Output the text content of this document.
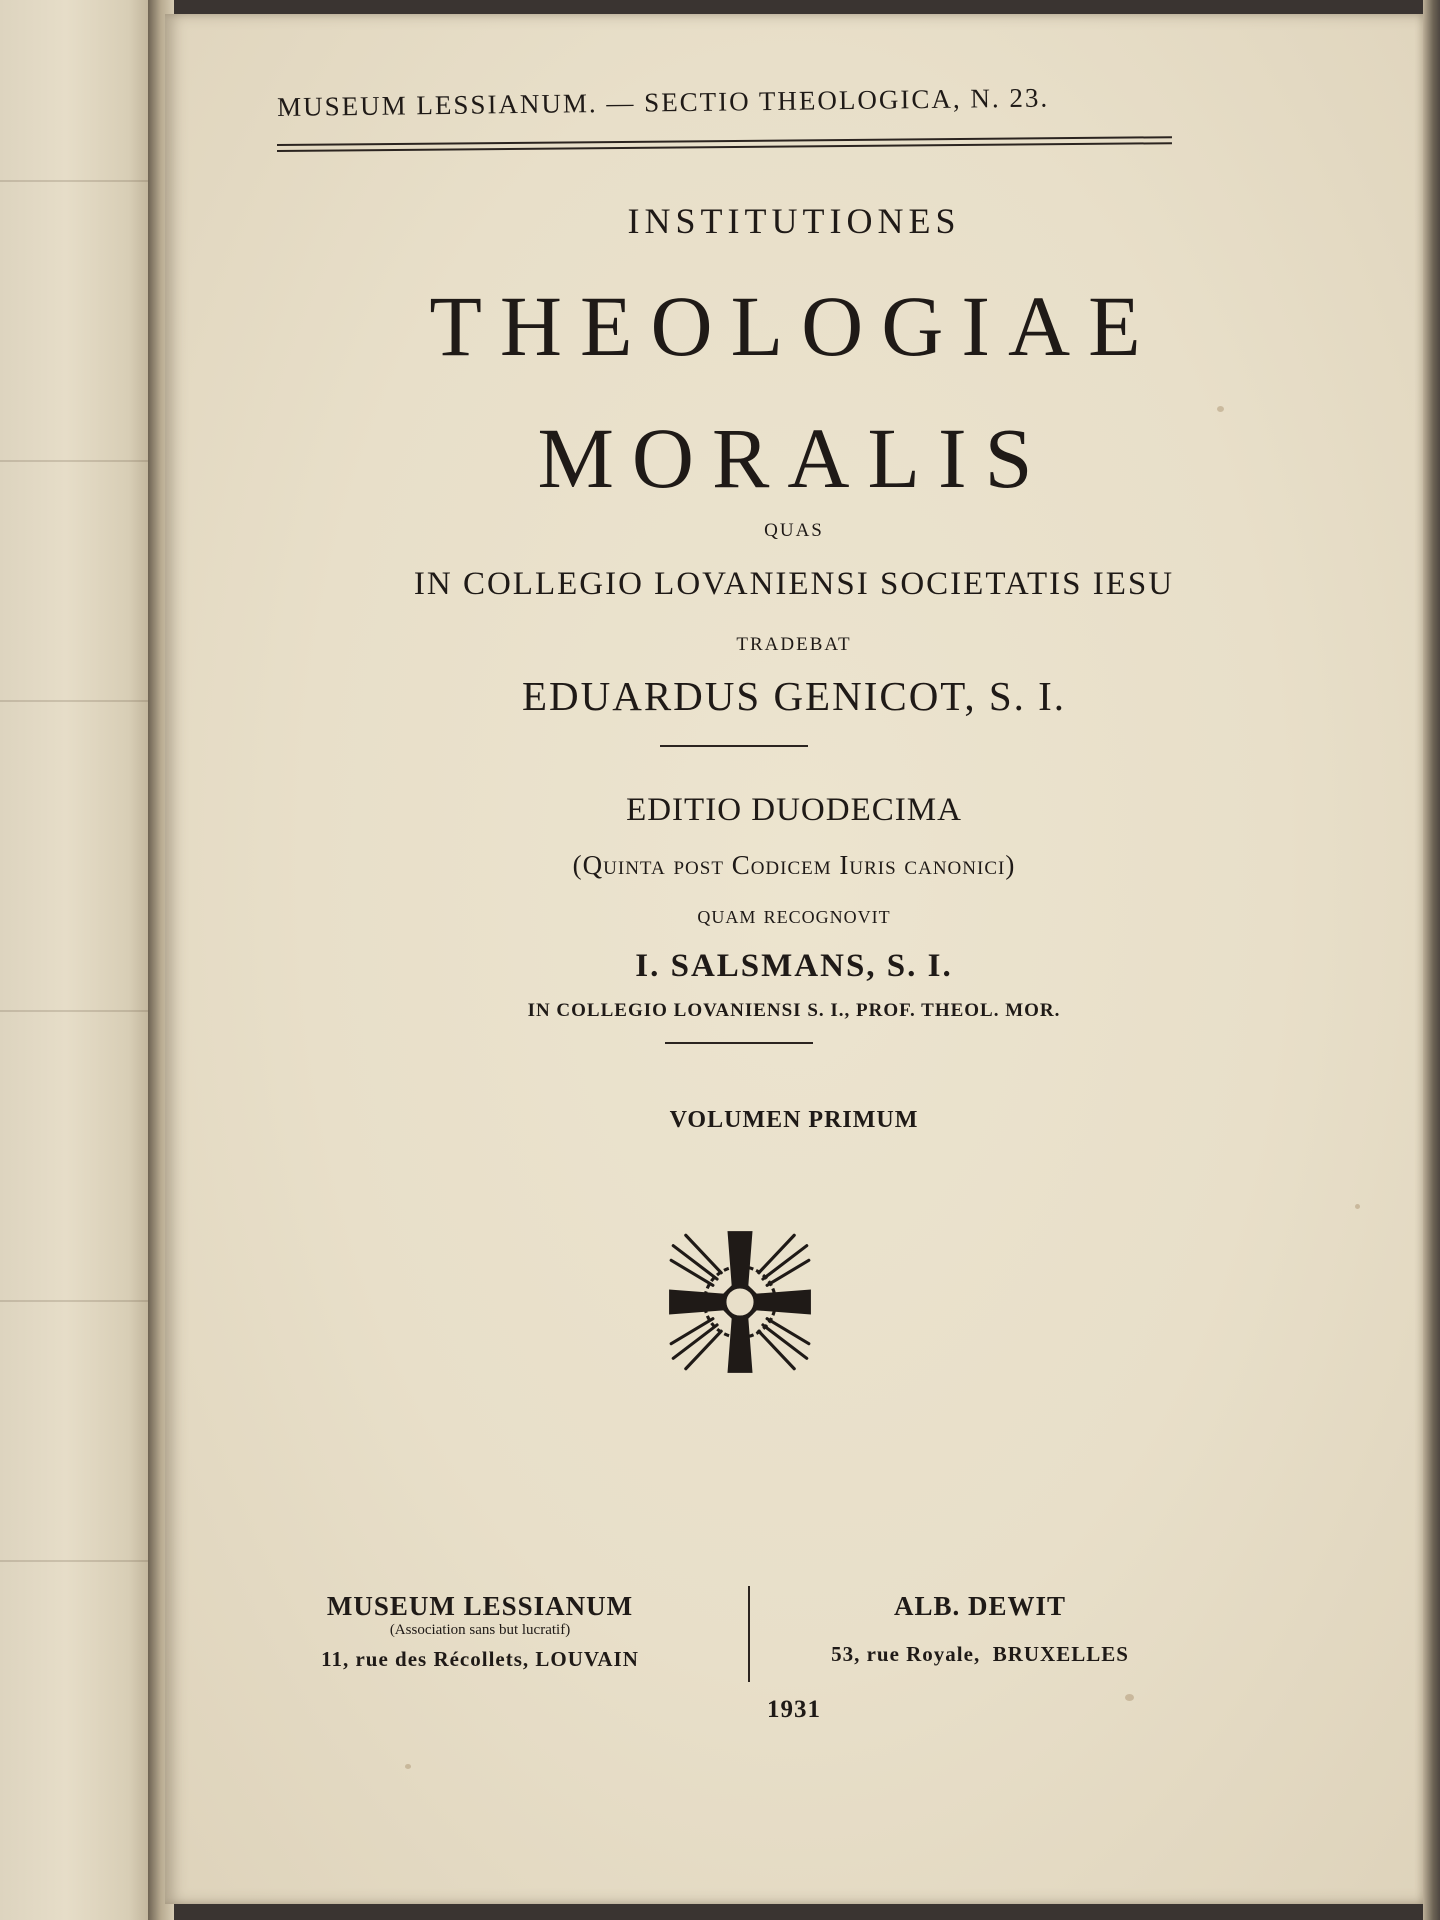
MUSEUM LESSIANUM. — SECTIO THEOLOGICA, N. 23.
INSTITUTIONES
THEOLOGIAE
MORALIS
QUAS
IN COLLEGIO LOVANIENSI SOCIETATIS IESU
TRADEBAT
EDUARDUS GENICOT, S. I.
EDITIO DUODECIMA
(Quinta post Codicem Iuris canonici)
quam recognovit
I. SALSMANS, S. I.
IN COLLEGIO LOVANIENSI S. I., PROF. THEOL. MOR.
VOLUMEN PRIMUM
MUSEUM LESSIANUM
(Association sans but lucratif)
11, rue des Récollets, LOUVAIN
ALB. DEWIT
53, rue Royale,  BRUXELLES
1931
